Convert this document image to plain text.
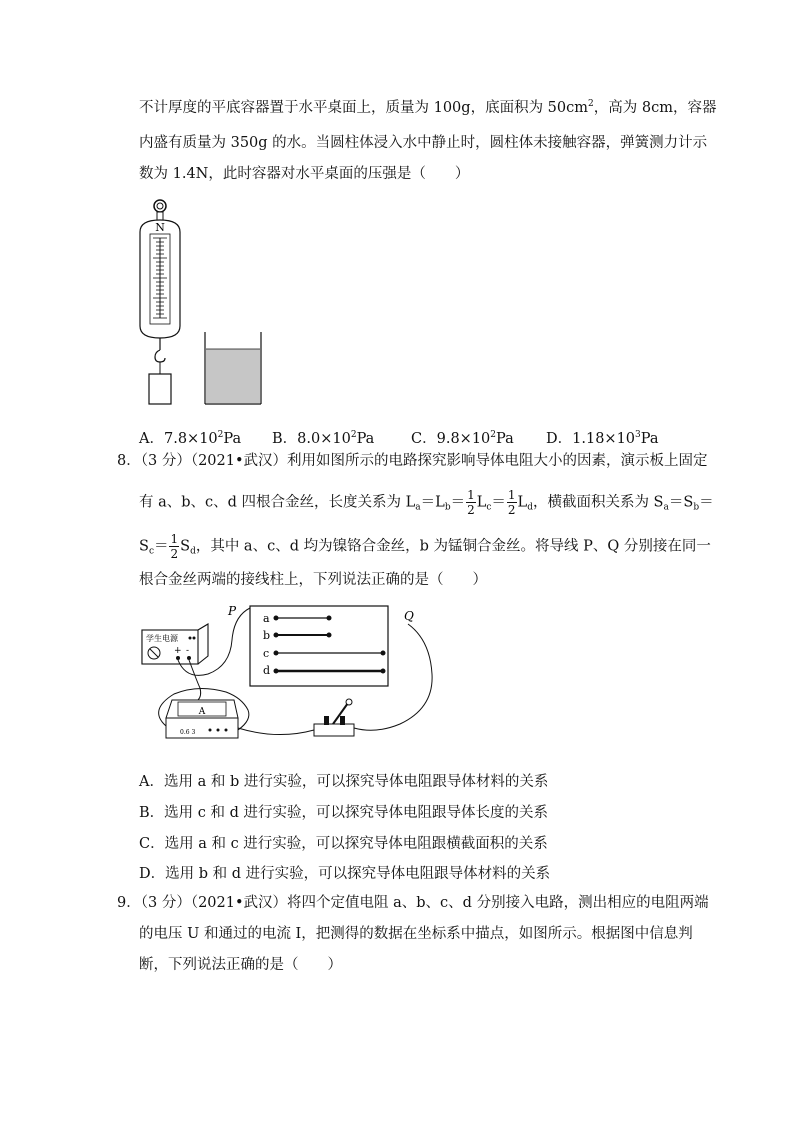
不计厚度的平底容器置于水平桌面上，质量为 100g，底面积为 $50cm^2$，高为 8cm，容器
内盛有质量为 350g 的水。当圆柱体浸入水中静止时，圆柱体未接触容器，弹簧测力计示
数为 1.4N，此时容器对水平桌面的压强是（　　）
N
A．$7.8\times 10^2Pa$ B．$8.0\times 10^2Pa$	C．$9.8\times 10^2Pa$ D．$1.18\times 10^3Pa$
8．（3 分）（2021•武汉）利用如图所示的电路探究影响导体电阻大小的因素，演示板上固定
有 a、b、c、d 四根合金丝，长度关系为 $L_a=L_b= \frac{1}{2} L_c= \frac{1}{2} L_d$，横截面积关系为 $S_a=S_b=$
$S_c= \frac{1}{2} S_d$，其中 a、c、d 均为镍铬合金丝，b 为锰铜合金丝。将导线 P、Q 分别接在同一
根合金丝两端的接线柱上，下列说法正确的是（　　）
a
b
c
d
P	Q
学生电源
+ -
A
0.6 3
A．选用 a 和 b 进行实验，可以探究导体电阻跟导体材料的关系
B．选用 c 和 d 进行实验，可以探究导体电阻跟导体长度的关系
C．选用 a 和 c 进行实验，可以探究导体电阻跟横截面积的关系
D．选用 b 和 d 进行实验，可以探究导体电阻跟导体材料的关系
9．（3 分）（2021•武汉）将四个定值电阻 a、b、c、d 分别接入电路，测出相应的电阻两端
的电压 U 和通过的电流 I，把测得的数据在坐标系中描点，如图所示。根据图中信息判
断，下列说法正确的是（　　）
